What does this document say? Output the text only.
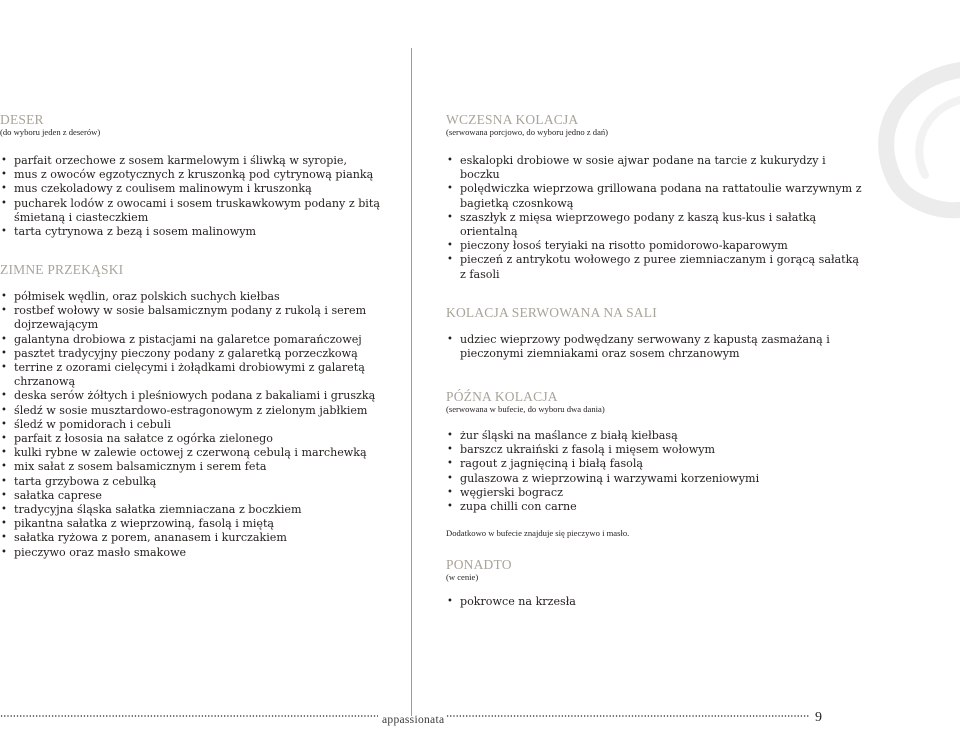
DESER
(do wyboru jeden z deserów)
• parfait orzechowe z sosem karmelowym i śliwką w syropie,
• mus z owoców egzotycznych z kruszonką pod cytrynową pianką
• mus czekoladowy z coulisem malinowym i kruszonką
• pucharek lodów z owocami i sosem truskawkowym podany z bitą śmietaną i ciasteczkiem
• tarta cytrynowa z bezą i sosem malinowym
ZIMNE PRZEKĄSKI
• półmisek wędlin, oraz polskich suchych kiełbas
• rostbef wołowy w sosie balsamicznym podany z rukolą i serem dojrzewającym
• galantyna drobiowa z pistacjami na galaretce pomarańczowej
• pasztet tradycyjny pieczony podany z galaretką porzeczkową
• terrine z ozorami cielęcymi i żołądkami drobiowymi z galaretą chrzanową
• deska serów żółtych i pleśniowych podana z bakaliami i gruszką
• śledź w sosie musztardowo-estragonowym z zielonym jabłkiem
• śledź w pomidorach i cebuli
• parfait z łososia na sałatce z ogórka zielonego
• kulki rybne w zalewie octowej z czerwoną cebulą i marchewką
• mix sałat z sosem balsamicznym i serem feta
• tarta grzybowa z cebulką
• sałatka caprese
• tradycyjna śląska sałatka ziemniaczana z boczkiem
• pikantna sałatka z wieprzowiną, fasolą i miętą
• sałatka ryżowa z porem, ananasem i kurczakiem
• pieczywo oraz masło smakowe
WCZESNA KOLACJA
(serwowana porcjowo, do wyboru jedno z dań)
• eskalopki drobiowe w sosie ajwar podane na tarcie z kukurydzy i boczku
• polędwiczka wieprzowa grillowana podana na rattatoulie warzywnym z bagietką czosnkową
• szaszłyk z mięsa wieprzowego podany z kaszą kus-kus i sałatką orientalną
• pieczony łosoś teryiaki na risotto pomidorowo-kaparowym
• pieczeń z antrykotu wołowego z puree ziemniaczanym i gorącą sałatką z fasoli
KOLACJA SERWOWANA NA SALI
• udziec wieprzowy podwędzany serwowany z kapustą zasmażaną i pieczonymi ziemniakami oraz sosem chrzanowym
PÓŹNA KOLACJA
(serwowana w bufecie, do wyboru dwa dania)
• żur śląski na maślance z białą kiełbasą
• barszcz ukraiński z fasolą i mięsem wołowym
• ragout z jagnięciną i białą fasolą
• gulaszowa z wieprzowiną i warzywami korzeniowymi
• węgierski bogracz
• zupa chilli con carne
Dodatkowo w bufecie znajduje się pieczywo i masło.
PONADTO
(w cenie)
• pokrowce na krzesła
appassionata	9
